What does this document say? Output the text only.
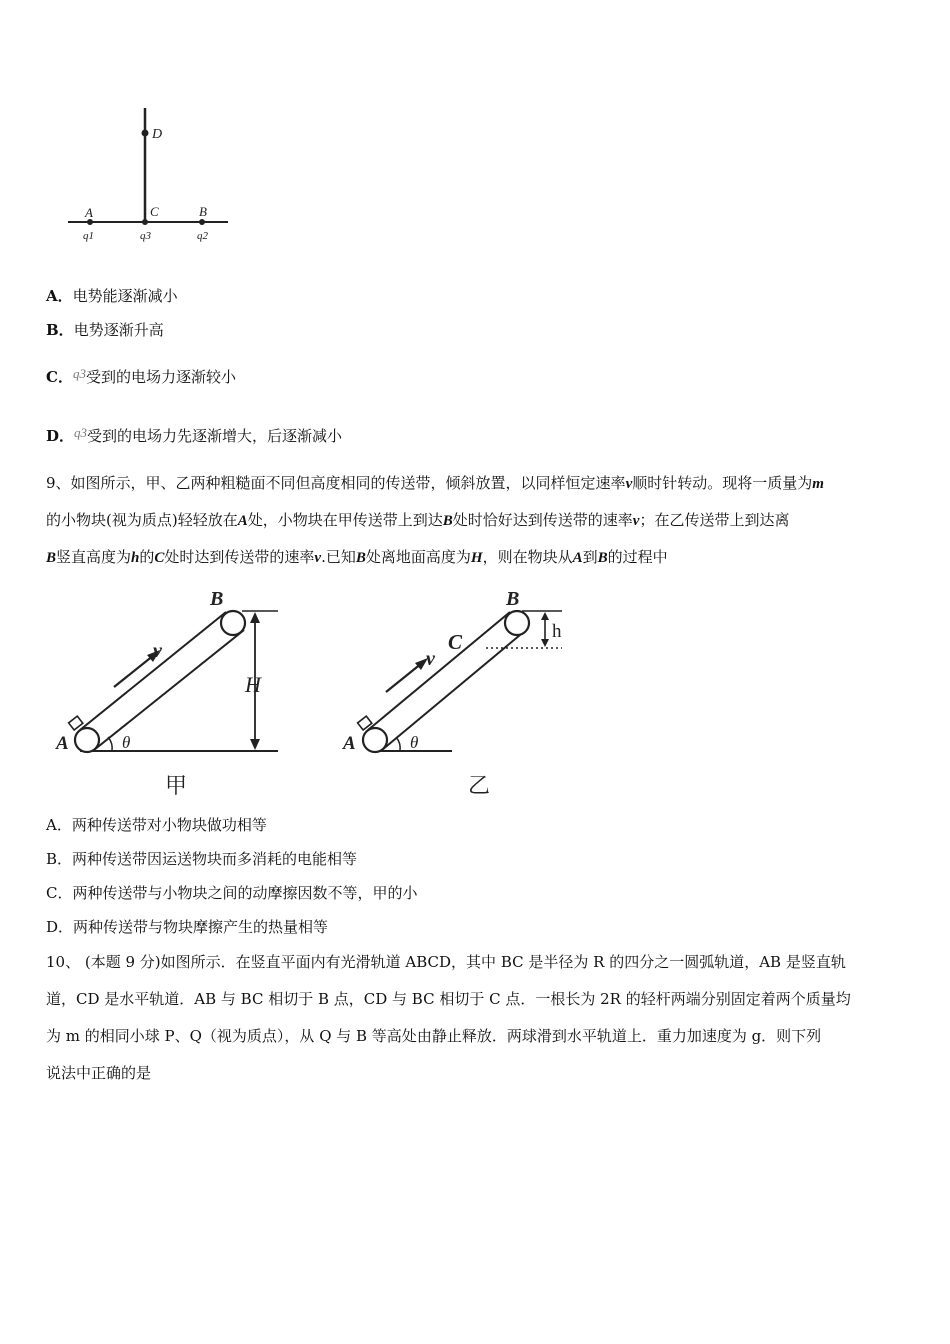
D
A	C	B
q1	q3	q2
A．电势能逐渐减小
B．电势逐渐升高
C．q3受到的电场力逐渐较小
D．q3受到的电场力先逐渐增大，后逐渐减小
9、如图所示，甲、乙两种粗糙面不同但高度相同的传送带，倾斜放置，以同样恒定速率v顺时针转动。现将一质量为m
的小物块(视为质点)轻轻放在A处，小物块在甲传送带上到达B处时恰好达到传送带的速率v；在乙传送带上到达离
B竖直高度为h的C处时达到传送带的速率v.已知B处离地面高度为H，则在物块从A到B的过程中
B
v
H
A	θ
甲
B
C
v
h
A	θ
乙
A．两种传送带对小物块做功相等
B．两种传送带因运送物块而多消耗的电能相等
C．两种传送带与小物块之间的动摩擦因数不等，甲的小
D．两种传送带与物块摩擦产生的热量相等
10、 (本题 9 分)如图所示．在竖直平面内有光滑轨道 ABCD，其中 BC 是半径为 R 的四分之一圆弧轨道，AB 是竖直轨
道，CD 是水平轨道．AB 与 BC 相切于 B 点，CD 与 BC 相切于 C 点．一根长为 2R 的轻杆两端分别固定着两个质量均
为 m 的相同小球 P、Q（视为质点），从 Q 与 B 等高处由静止释放．两球滑到水平轨道上．重力加速度为 g．则下列
说法中正确的是
